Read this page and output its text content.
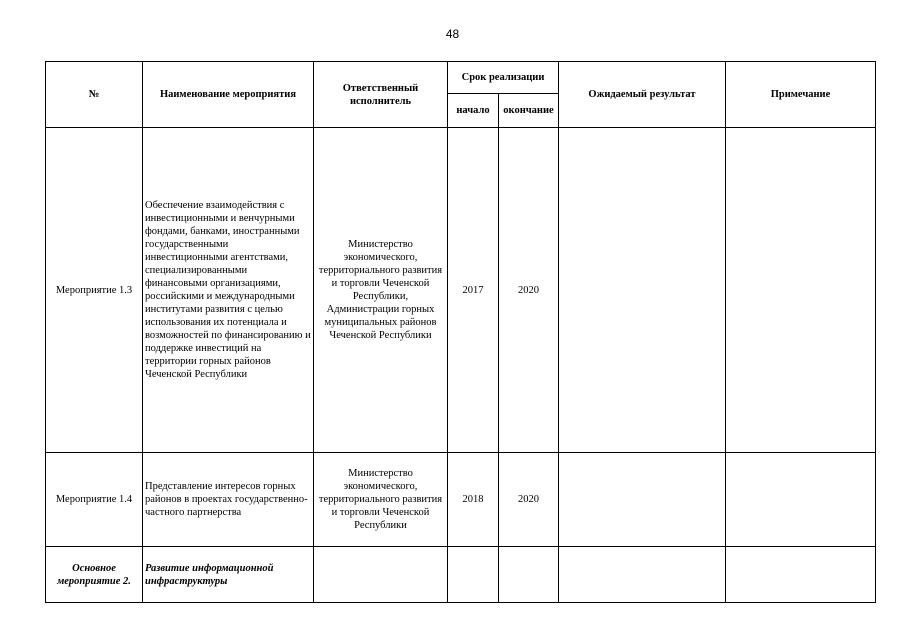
48
№	Наименование мероприятия	Ответственный исполнитель	Срок реализации		Ожидаемый результат	Примечание
			начало	окончание		
Мероприятие 1.3	Обеспечение взаимодействия с инвестиционными и венчурными фондами, банками, иностранными государственными инвестиционными агентствами, специализированными финансовыми организациями, российскими и международными институтами развития с целью использования их потенциала и возможностей по финансированию и поддержке инвестиций на территории горных районов Чеченской Республики	Министерство экономического, территориального развития и торговли Чеченской Республики, Администрации горных муниципальных районов Чеченской Республики	2017	2020		
Мероприятие 1.4	Представление интересов горных районов в проектах государственно-частного партнерства	Министерство экономического, территориального развития и торговли Чеченской Республики	2018	2020		
Основное мероприятие 2.	Развитие информационной инфраструктуры					
